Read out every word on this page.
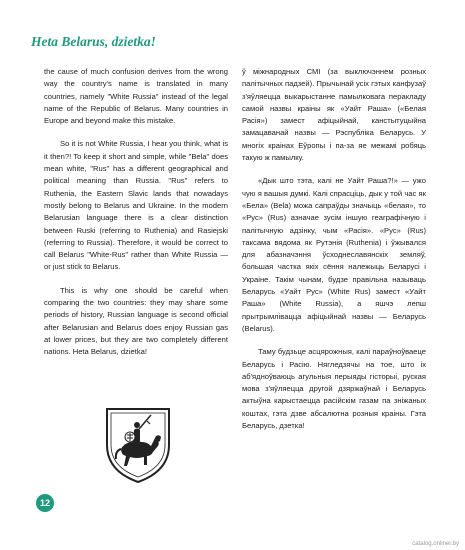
Heta Belarus, dzietka!

the cause of much confusion derives from the wrong way the country's name is translated in many countries, namely "White Russia" instead of the legal name of the Republic of Belarus. Many countries in Europe and beyond make this mistake.

So it is not White Russia, I hear you think, what is it then?! To keep it short and simple, while "Bela" does mean white, "Rus" has a different geographical and political meaning than Russia. "Rus" refers to Ruthenia, the Eastern Slavic lands that nowadays mostly belong to Belarus and Ukraine. In the modern Belarusian language there is a clear distinction between Ruski (referring to Ruthenia) and Rasiejski (referring to Russia). Therefore, it would be correct to call Belarus "White-Rus" rather than White Russia — or just stick to Belarus.

This is why one should be careful when comparing the two countries: they may share some periods of history, Russian language is second official after Belarusian and Belarus does enjoy Russian gas at lower prices, but they are two completely different nations. Heta Belarus, dzietka!

ў міжнародных СМІ (за выключэннем розных палітычных падзей). Прычынай усіх гэтых канфузаў з'яўляецца выкарыстанне памылковага перакладу самой назвы краіны як «Уайт Раша» («Белая Расія») замест афіцыйнай, канстытуцыйна замацаванай назвы — Рэспубліка Беларусь. У многіх краінах Еўропы і па-за яе межамі робяць такую ж памылку.

«Дык што тэта, калі не Уайт Раша?!» — ужо чую я вашыя думкі. Калі спрасціць, дык у той час як «Бела» (Bela) можа сапраўды значыць «белая», то «Рус» (Rus) азначае зусім іншую геаграфічную і палітычную адзінку, чым «Расія». «Рус» (Rus) таксама вядома як Рутэнія (Ruthenia) і ўжывался для абазначэння ўсходнеславянскіх земляў, большая частка якіх сёння належыць Беларусі і Украіне. Такім чынам, будзе правільна называць Беларусь «Уайт Рус» (White Rus) замест «Уайт Раша» (White Russia), а яшчэ лепш прытрымлівацца афіцыйнай назвы — Беларусь (Belarus).

Таму будзьце асцярожныя, калі параўноўваеце Беларусь і Расію. Нягледзячы на тое, што іх аб'ядноўваюць агульныя перыяды гісторыі, руская мова з'яўляецца другой дзяржаўнай і Беларусь актыўна карыстаецца расійскім газам па зніжаных коштах, гэта дзве абсалютна розныя краіны. Гэта Беларусь, дзетка!

12
catalog.onliner.by
